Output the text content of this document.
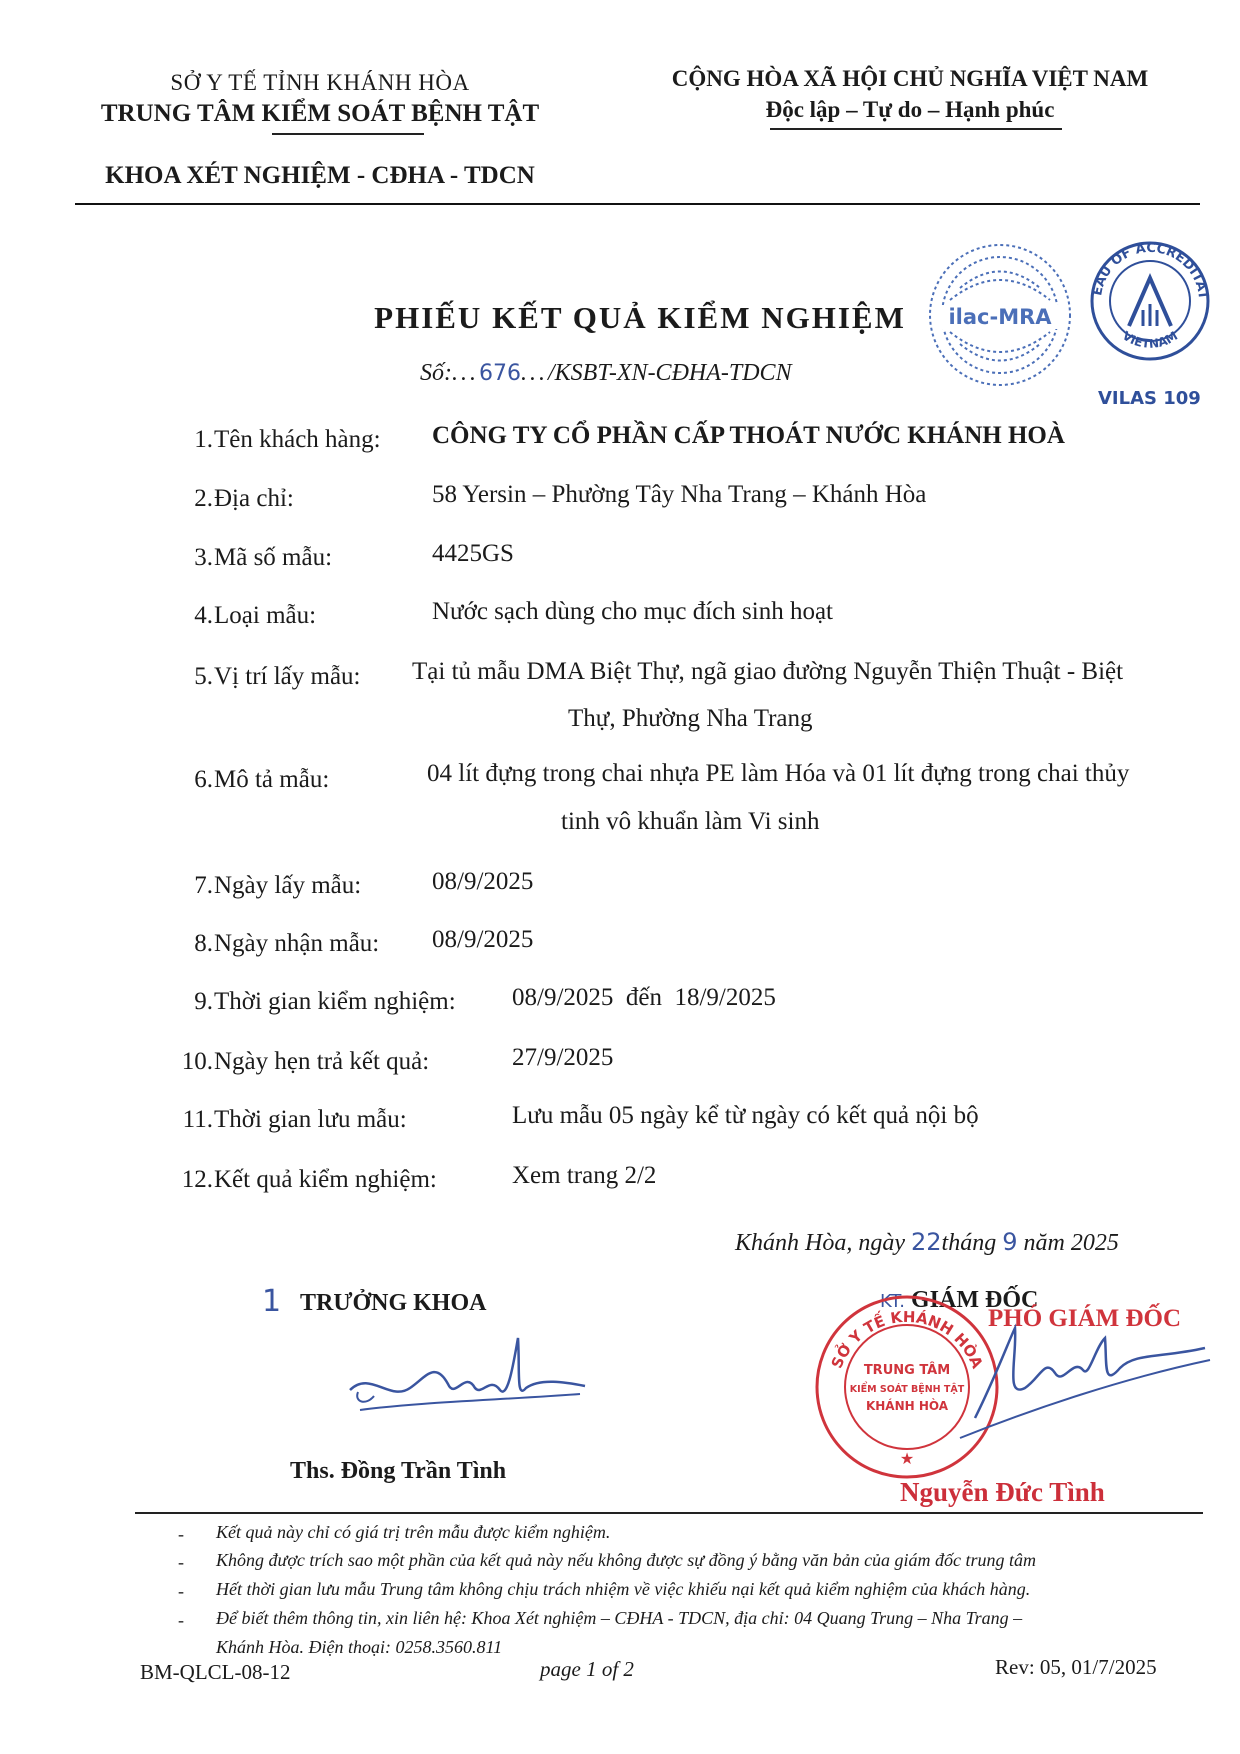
SỞ Y TẾ TỈNH KHÁNH HÒA
TRUNG TÂM KIỂM SOÁT BỆNH TẬT
KHOA XÉT NGHIỆM - CĐHA - TDCN
CỘNG HÒA XÃ HỘI CHỦ NGHĨA VIỆT NAM
Độc lập – Tự do – Hạnh phúc
ilac-MRA
BUREAU OF ACCREDITATION
VIETNAM
VILAS 109
PHIẾU KẾT QUẢ KIỂM NGHIỆM
Số:...676.../KSBT-XN-CĐHA-TDCN
1. Tên khách hàng: CÔNG TY CỔ PHẦN CẤP THOÁT NƯỚC KHÁNH HOÀ
2. Địa chỉ:	58 Yersin – Phường Tây Nha Trang – Khánh Hòa
3. Mã số mẫu:	4425GS
4. Loại mẫu:	Nước sạch dùng cho mục đích sinh hoạt
5. Vị trí lấy mẫu: Tại tủ mẫu DMA Biệt Thự, ngã giao đường Nguyễn Thiện Thuật - Biệt
Thự, Phường Nha Trang
6. Mô tả mẫu:	04 lít đựng trong chai nhựa PE làm Hóa và 01 lít đựng trong chai thủy
tinh vô khuẩn làm Vi sinh
7. Ngày lấy mẫu:	08/9/2025
8. Ngày nhận mẫu: 08/9/2025
9. Thời gian kiểm nghiệm: 08/9/2025  đến  18/9/2025
10. Ngày hẹn trả kết quả:	27/9/2025
11. Thời gian lưu mẫu:	Lưu mẫu 05 ngày kể từ ngày có kết quả nội bộ
12. Kết quả kiểm nghiệm:	Xem trang 2/2
Khánh Hòa, ngày 22tháng 9 năm 2025
1 TRƯỞNG KHOA
Ths. Đồng Trần Tình
KT. GIÁM ĐỐC
PHÓ GIÁM ĐỐC
SỞ Y TẾ KHÁNH HÒA
TRUNG TÂM
KIỂM SOÁT BỆNH TẬT
KHÁNH HÒA
★
Nguyễn Đức Tình
- Kết quả này chỉ có giá trị trên mẫu được kiểm nghiệm.
- Không được trích sao một phần của kết quả này nếu không được sự đồng ý bằng văn bản của giám đốc trung tâm
- Hết thời gian lưu mẫu Trung tâm không chịu trách nhiệm về việc khiếu nại kết quả kiểm nghiệm của khách hàng.
- Để biết thêm thông tin, xin liên hệ: Khoa Xét nghiệm – CĐHA - TDCN, địa chỉ: 04 Quang Trung – Nha Trang –
Khánh Hòa. Điện thoại: 0258.3560.811
BM-QLCL-08-12	page 1 of 2	Rev: 05, 01/7/2025
